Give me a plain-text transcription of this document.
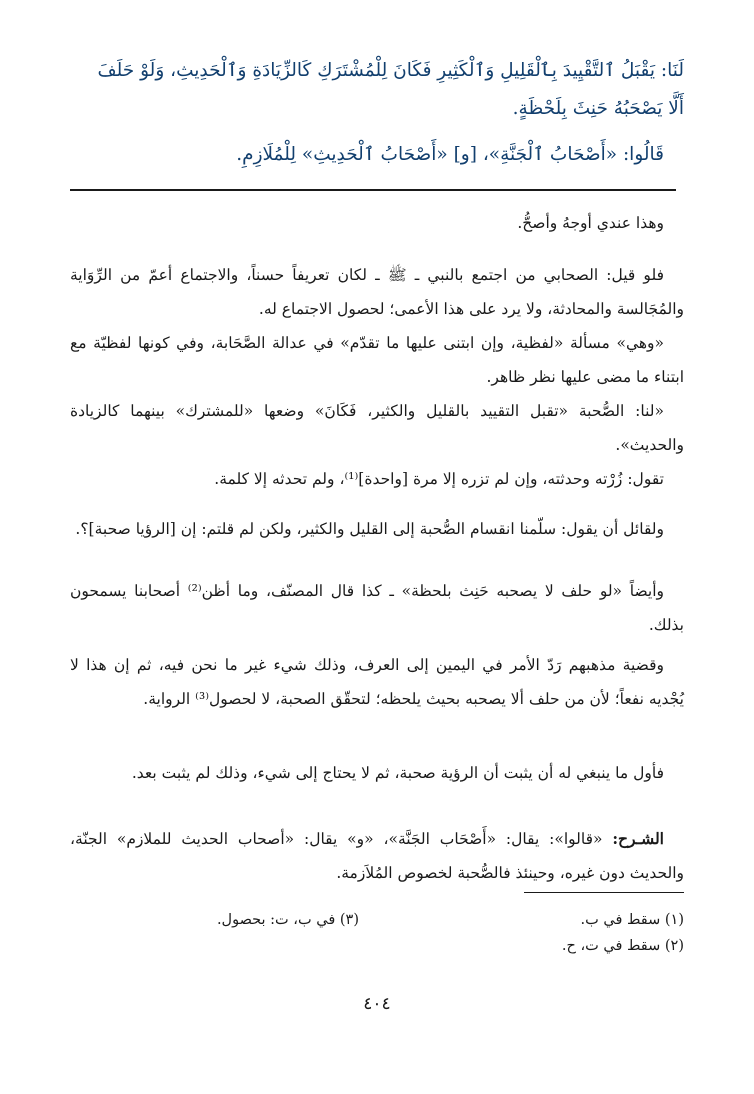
لَنَا: يَقْبَلُ ٱلتَّقْيِيدَ بِٱلْقَلِيلِ وَٱلْكَثِيرِ فَكَانَ لِلْمُشْتَرَكِ كَالزِّيَادَةِ وَٱلْحَدِيثِ، وَلَوْ حَلَفَ
أَلَّا يَصْحَبُهُ حَنِثَ بِلَحْظَةٍ.
قَالُوا: «أَصْحَابُ ٱلْجَنَّةِ»، [و] «أَصْحَابُ ٱلْحَدِيثِ» لِلْمُلَازِمِ.
وهذا عندي أوجهُ وأصحُّ.
فلو قيل: الصحابي من اجتمع بالنبي ـ ﷺ ـ لكان تعريفاً حسناً، والاجتماع أعمّ من الرِّوَاية والمُجَالسة والمحادثة، ولا يرد على هذا الأعمى؛ لحصول الاجتماع له.
«وهي» مسألة «لفظية، وإن ابتنى عليها ما تقدّم» في عدالة الصَّحَابة، وفي كونها لفظيّة مع ابتناء ما مضى عليها نظر ظاهر.
«لنا: الصُّحبة «تقبل التقييد بالقليل والكثير، فَكَانَ» وضعها «للمشترك» بينهما كالزيادة والحديث».
تقول: زُرْته وحدثته، وإن لم تزره إلا مرة [واحدة]⁽¹⁾، ولم تحدثه إلا كلمة.
ولقائل أن يقول: سلّمنا انقسام الصُّحبة إلى القليل والكثير، ولكن لم قلتم: إن [الرؤيا صحبة]؟.
وأيضاً «لو حلف لا يصحبه حَنِث بلحظة» ـ كذا قال المصنّف، وما أظن⁽²⁾ أصحابنا يسمحون بذلك.
وقضية مذهبهم رَدّ الأمر في اليمين إلى العرف، وذلك شيء غير ما نحن فيه، ثم إن هذا لا يُجْديه نفعاً؛ لأن من حلف ألا يصحبه بحيث يلحظه؛ لتحقّق الصحبة، لا لحصول⁽³⁾ الرواية.
فأول ما ينبغي له أن يثبت أن الرؤية صحبة، ثم لا يحتاج إلى شيء، وذلك لم يثبت بعد.
الشـرح: «قالوا»: يقال: «أَصْحَاب الجَنَّة»، «و» يقال: «أصحاب الحديث للملازم» الجنّة، والحديث دون غيره، وحينئذ فالصُّحبة لخصوص المُلاَزمة.
(١) سقط في ب.
(٢) سقط في ت، ح.
(٣) في ب، ت: بحصول.
٤٠٤
